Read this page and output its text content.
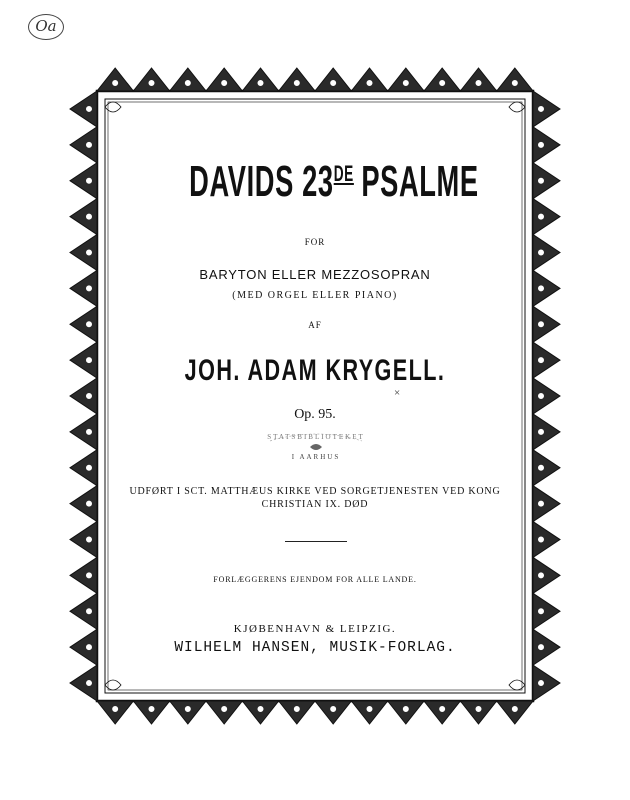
Oa
DAVIDS 23DE PSALME
FOR
BARYTON ELLER MEZZOSOPRAN
(MED ORGEL ELLER PIANO)
AF
JOH. ADAM KRYGELL.
×
Op. 95.
STATSBIBLIOTEKET
I AARHUS
UDFØRT I SCT. MATTHÆUS KIRKE VED SORGETJENESTEN VED KONG CHRISTIAN IX. DØD
FORLÆGGERENS EJENDOM FOR ALLE LANDE.
KJØBENHAVN & LEIPZIG.
WILHELM HANSEN, MUSIK-FORLAG.
